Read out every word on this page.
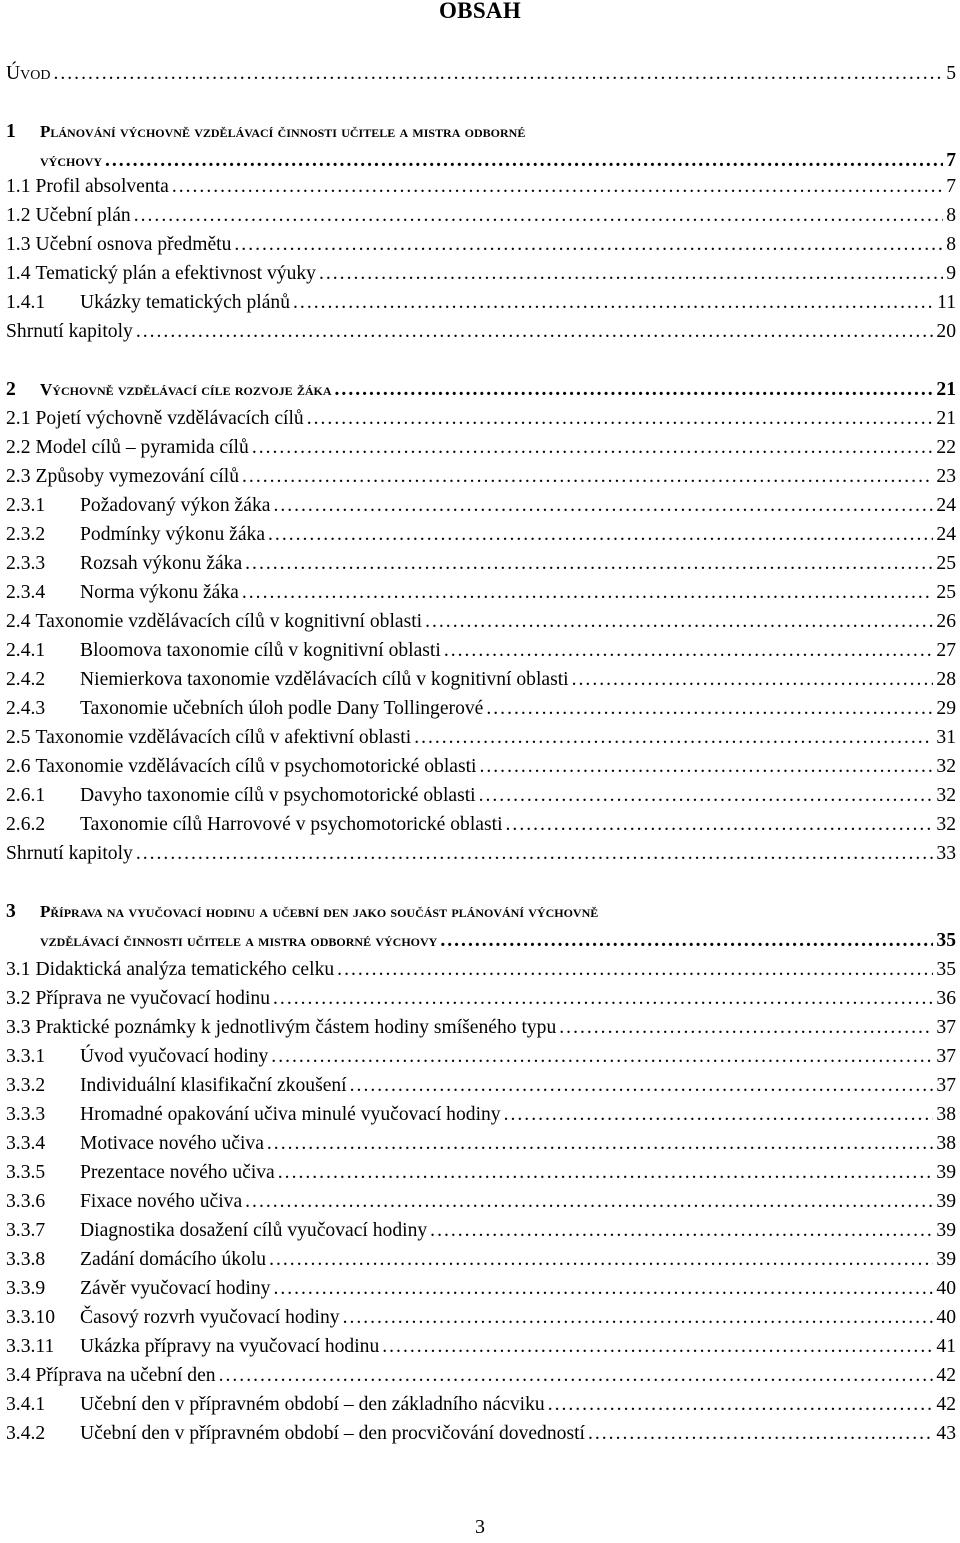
OBSAH
Úvod .....	5
1	Plánování výchovně vzdělávací činnosti učitele a mistra odborné
výchovy .....	7
1.1 Profil absolventa .....	7
1.2 Učební plán .....	8
1.3 Učební osnova předmětu .....	8
1.4 Tematický plán a efektivnost výuky .....	9
1.4.1	Ukázky tematických plánů .....	11
Shrnutí kapitoly .....	20
2	Výchovně vzdělávací cíle rozvoje žáka .....	21
2.1 Pojetí výchovně vzdělávacích cílů .....	21
2.2 Model cílů – pyramida cílů .....	22
2.3 Způsoby vymezování cílů .....	23
2.3.1	Požadovaný výkon žáka .....	24
2.3.2	Podmínky výkonu žáka .....	24
2.3.3	Rozsah výkonu žáka .....	25
2.3.4	Norma výkonu žáka .....	25
2.4 Taxonomie vzdělávacích cílů v kognitivní oblasti .....	26
2.4.1	Bloomova taxonomie cílů v kognitivní oblasti .....	27
2.4.2	Niemierkova taxonomie vzdělávacích cílů v kognitivní oblasti .....	28
2.4.3	Taxonomie učebních úloh podle Dany Tollingerové .....	29
2.5 Taxonomie vzdělávacích cílů v afektivní oblasti .....	31
2.6 Taxonomie vzdělávacích cílů v psychomotorické oblasti .....	32
2.6.1	Davyho taxonomie cílů v psychomotorické oblasti .....	32
2.6.2	Taxonomie cílů Harrovové v psychomotorické oblasti .....	32
Shrnutí kapitoly .....	33
3	Příprava na vyučovací hodinu a učební den jako součást plánování výchovně
vzdělávací činnosti učitele a mistra odborné výchovy .....	35
3.1 Didaktická analýza tematického celku .....	35
3.2 Příprava ne vyučovací hodinu .....	36
3.3 Praktické poznámky k jednotlivým částem hodiny smíšeného typu .....	37
3.3.1	Úvod vyučovací hodiny .....	37
3.3.2	Individuální klasifikační zkoušení .....	37
3.3.3	Hromadné opakování učiva minulé vyučovací hodiny .....	38
3.3.4	Motivace nového učiva .....	38
3.3.5	Prezentace nového učiva .....	39
3.3.6	Fixace nového učiva .....	39
3.3.7	Diagnostika dosažení cílů vyučovací hodiny .....	39
3.3.8	Zadání domácího úkolu .....	39
3.3.9	Závěr vyučovací hodiny .....	40
3.3.10	Časový rozvrh vyučovací hodiny .....	40
3.3.11	Ukázka přípravy na vyučovací hodinu .....	41
3.4 Příprava na učební den .....	42
3.4.1	Učební den v přípravném období – den základního nácviku .....	42
3.4.2	Učební den v přípravném období – den procvičování dovedností .....	43
3
